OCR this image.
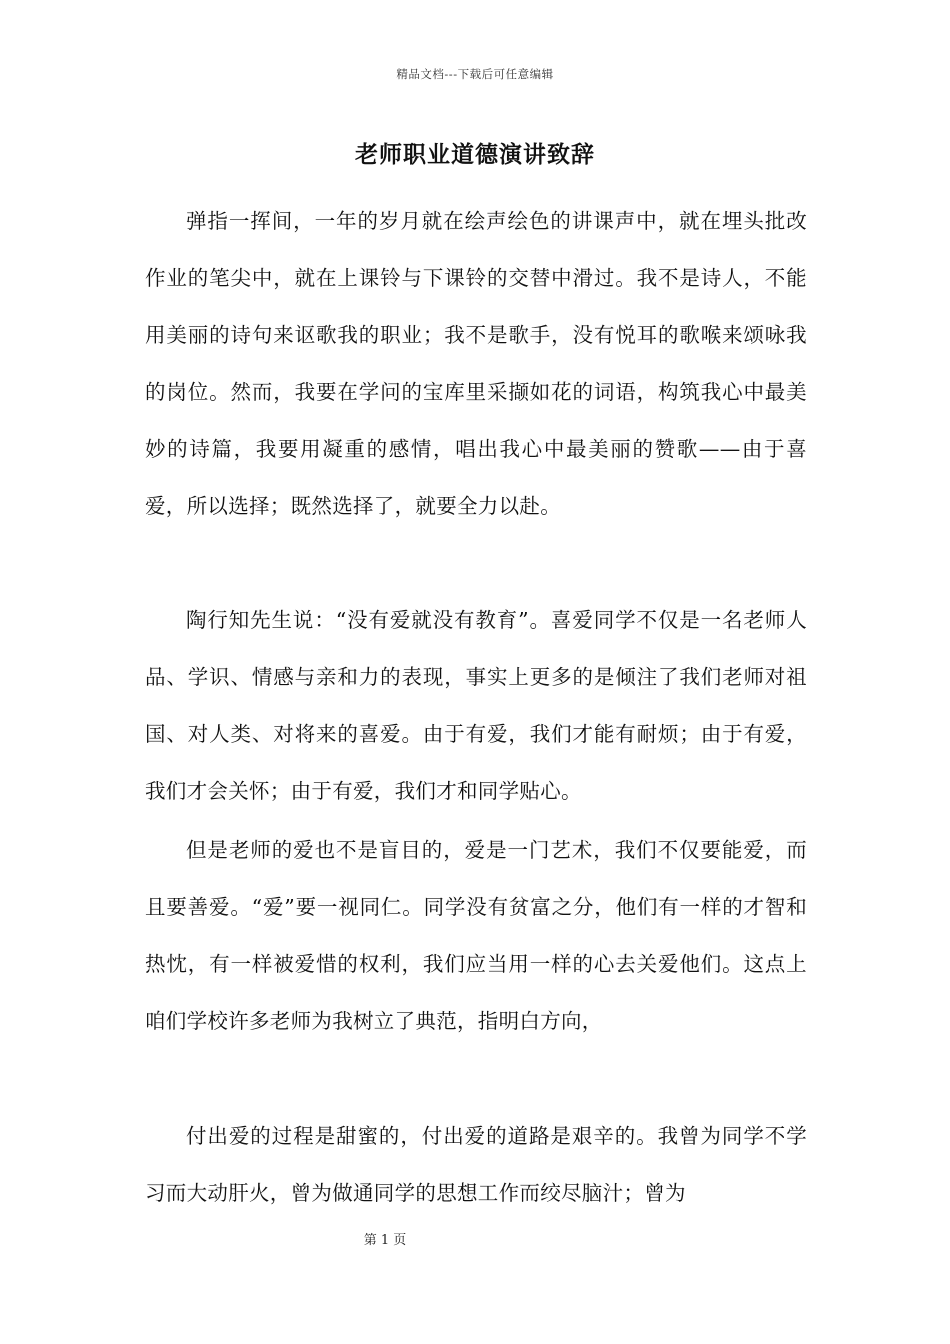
精品文档---下载后可任意编辑
老师职业道德演讲致辞

弹指一挥间，一年的岁月就在绘声绘色的讲课声中，就在埋头批改作业的笔尖中，就在上课铃与下课铃的交替中滑过。我不是诗人，不能用美丽的诗句来讴歌我的职业；我不是歌手，没有悦耳的歌喉来颂咏我的岗位。然而，我要在学问的宝库里采撷如花的词语，构筑我心中最美妙的诗篇，我要用凝重的感情，唱出我心中最美丽的赞歌——由于喜爱，所以选择；既然选择了，就要全力以赴。

陶行知先生说：“没有爱就没有教育”。喜爱同学不仅是一名老师人品、学识、情感与亲和力的表现，事实上更多的是倾注了我们老师对祖国、对人类、对将来的喜爱。由于有爱，我们才能有耐烦；由于有爱，我们才会关怀；由于有爱，我们才和同学贴心。

但是老师的爱也不是盲目的，爱是一门艺术，我们不仅要能爱，而且要善爱。“爱”要一视同仁。同学没有贫富之分，他们有一样的才智和热忱，有一样被爱惜的权利，我们应当用一样的心去关爱他们。这点上咱们学校许多老师为我树立了典范，指明白方向，

付出爱的过程是甜蜜的，付出爱的道路是艰辛的。我曾为同学不学习而大动肝火，曾为做通同学的思想工作而绞尽脑汁；曾为

第 1 页
